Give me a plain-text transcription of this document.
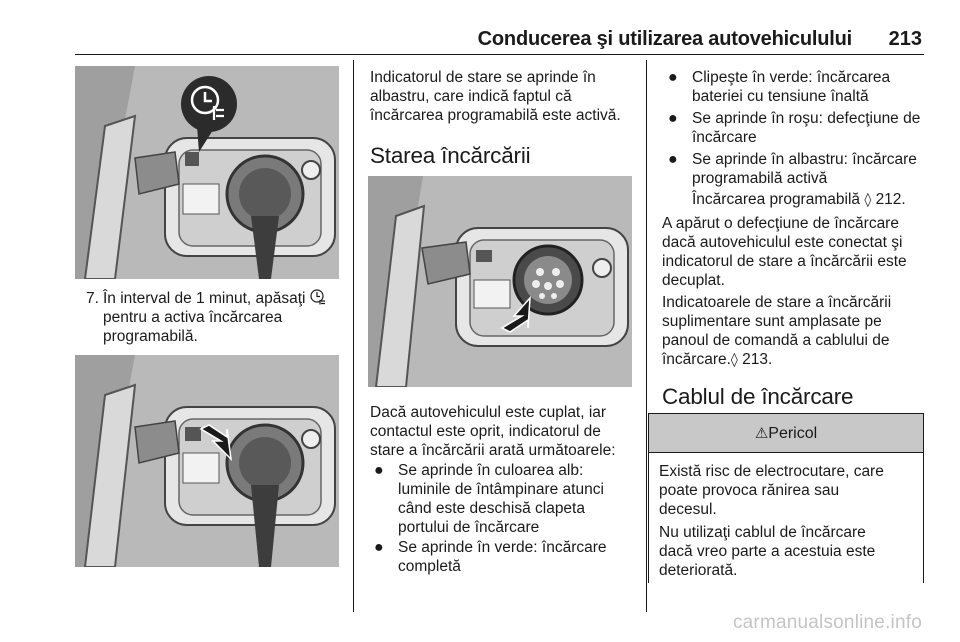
Conducerea şi utilizarea autovehiculului 213
7. În interval de 1 minut, apăsaţi
pentru a activa încărcarea
programabilă.
Indicatorul de stare se aprinde în
albastru, care indică faptul că
încărcarea programabilă este activă.
Starea încărcării
Dacă autovehiculul este cuplat, iar
contactul este oprit, indicatorul de
stare a încărcării arată următoarele:
● Se aprinde în culoarea alb:
luminile de întâmpinare atunci
când este deschisă clapeta
portului de încărcare
● Se aprinde în verde: încărcare
completă
● Clipeşte în verde: încărcarea
bateriei cu tensiune înaltă
● Se aprinde în roşu: defecţiune de
încărcare
● Se aprinde în albastru: încărcare
programabilă activă
Încărcarea programabilă ◊ 212.
A apărut o defecţiune de încărcare
dacă autovehiculul este conectat şi
indicatorul de stare a încărcării este
decuplat.
Indicatoarele de stare a încărcării
suplimentare sunt amplasate pe
panoul de comandă a cablului de
încărcare.◊ 213.
Cablul de încărcare
⚠Pericol
Există risc de electrocutare, care
poate provoca rănirea sau
decesul.
Nu utilizaţi cablul de încărcare
dacă vreo parte a acestuia este
deteriorată.
carmanualsonline.info
